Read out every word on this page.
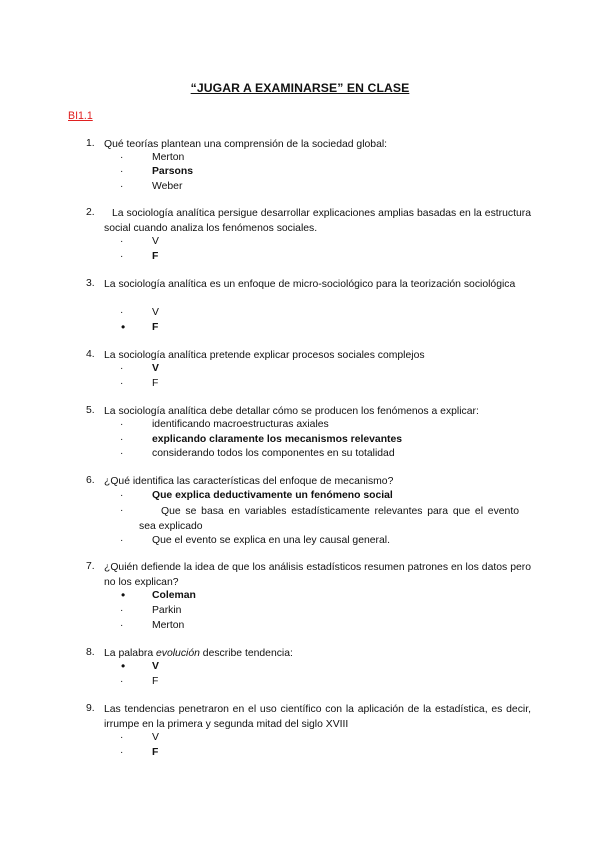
“JUGAR A EXAMINARSE” EN CLASE
BI1.1
1. Qué teorías plantean una comprensión de la sociedad global:
·	Merton
·	Parsons
·	Weber
2.	La sociología analítica persigue desarrollar explicaciones amplias basadas en la estructura social cuando analiza los fenómenos sociales.
·	V
·	F
3. La sociología analítica es un enfoque de micro-sociológico para la teorización sociológica
·	V
•	F
4. La sociología analítica pretende explicar procesos sociales complejos
·	V
·	F
5. La sociología analítica debe detallar cómo se producen los fenómenos a explicar:
·	identificando macroestructuras axiales
·	explicando claramente los mecanismos relevantes
·	considerando todos los componentes en su totalidad
6. ¿Qué identifica las características del enfoque de mecanismo?
·	Que explica deductivamente un fenómeno social
·	Que se basa en variables estadísticamente relevantes para que el evento sea explicado
·	Que el evento se explica en una ley causal general.
7. ¿Quién defiende la idea de que los análisis estadísticos resumen patrones en los datos pero no los explican?
•	Coleman
·	Parkin
·	Merton
8. La palabra evolución describe tendencia:
•	V
·	F
9. Las tendencias penetraron en el uso científico con la aplicación de la estadística, es decir, irrumpe en la primera y segunda mitad del siglo XVIII
·	V
·	F
